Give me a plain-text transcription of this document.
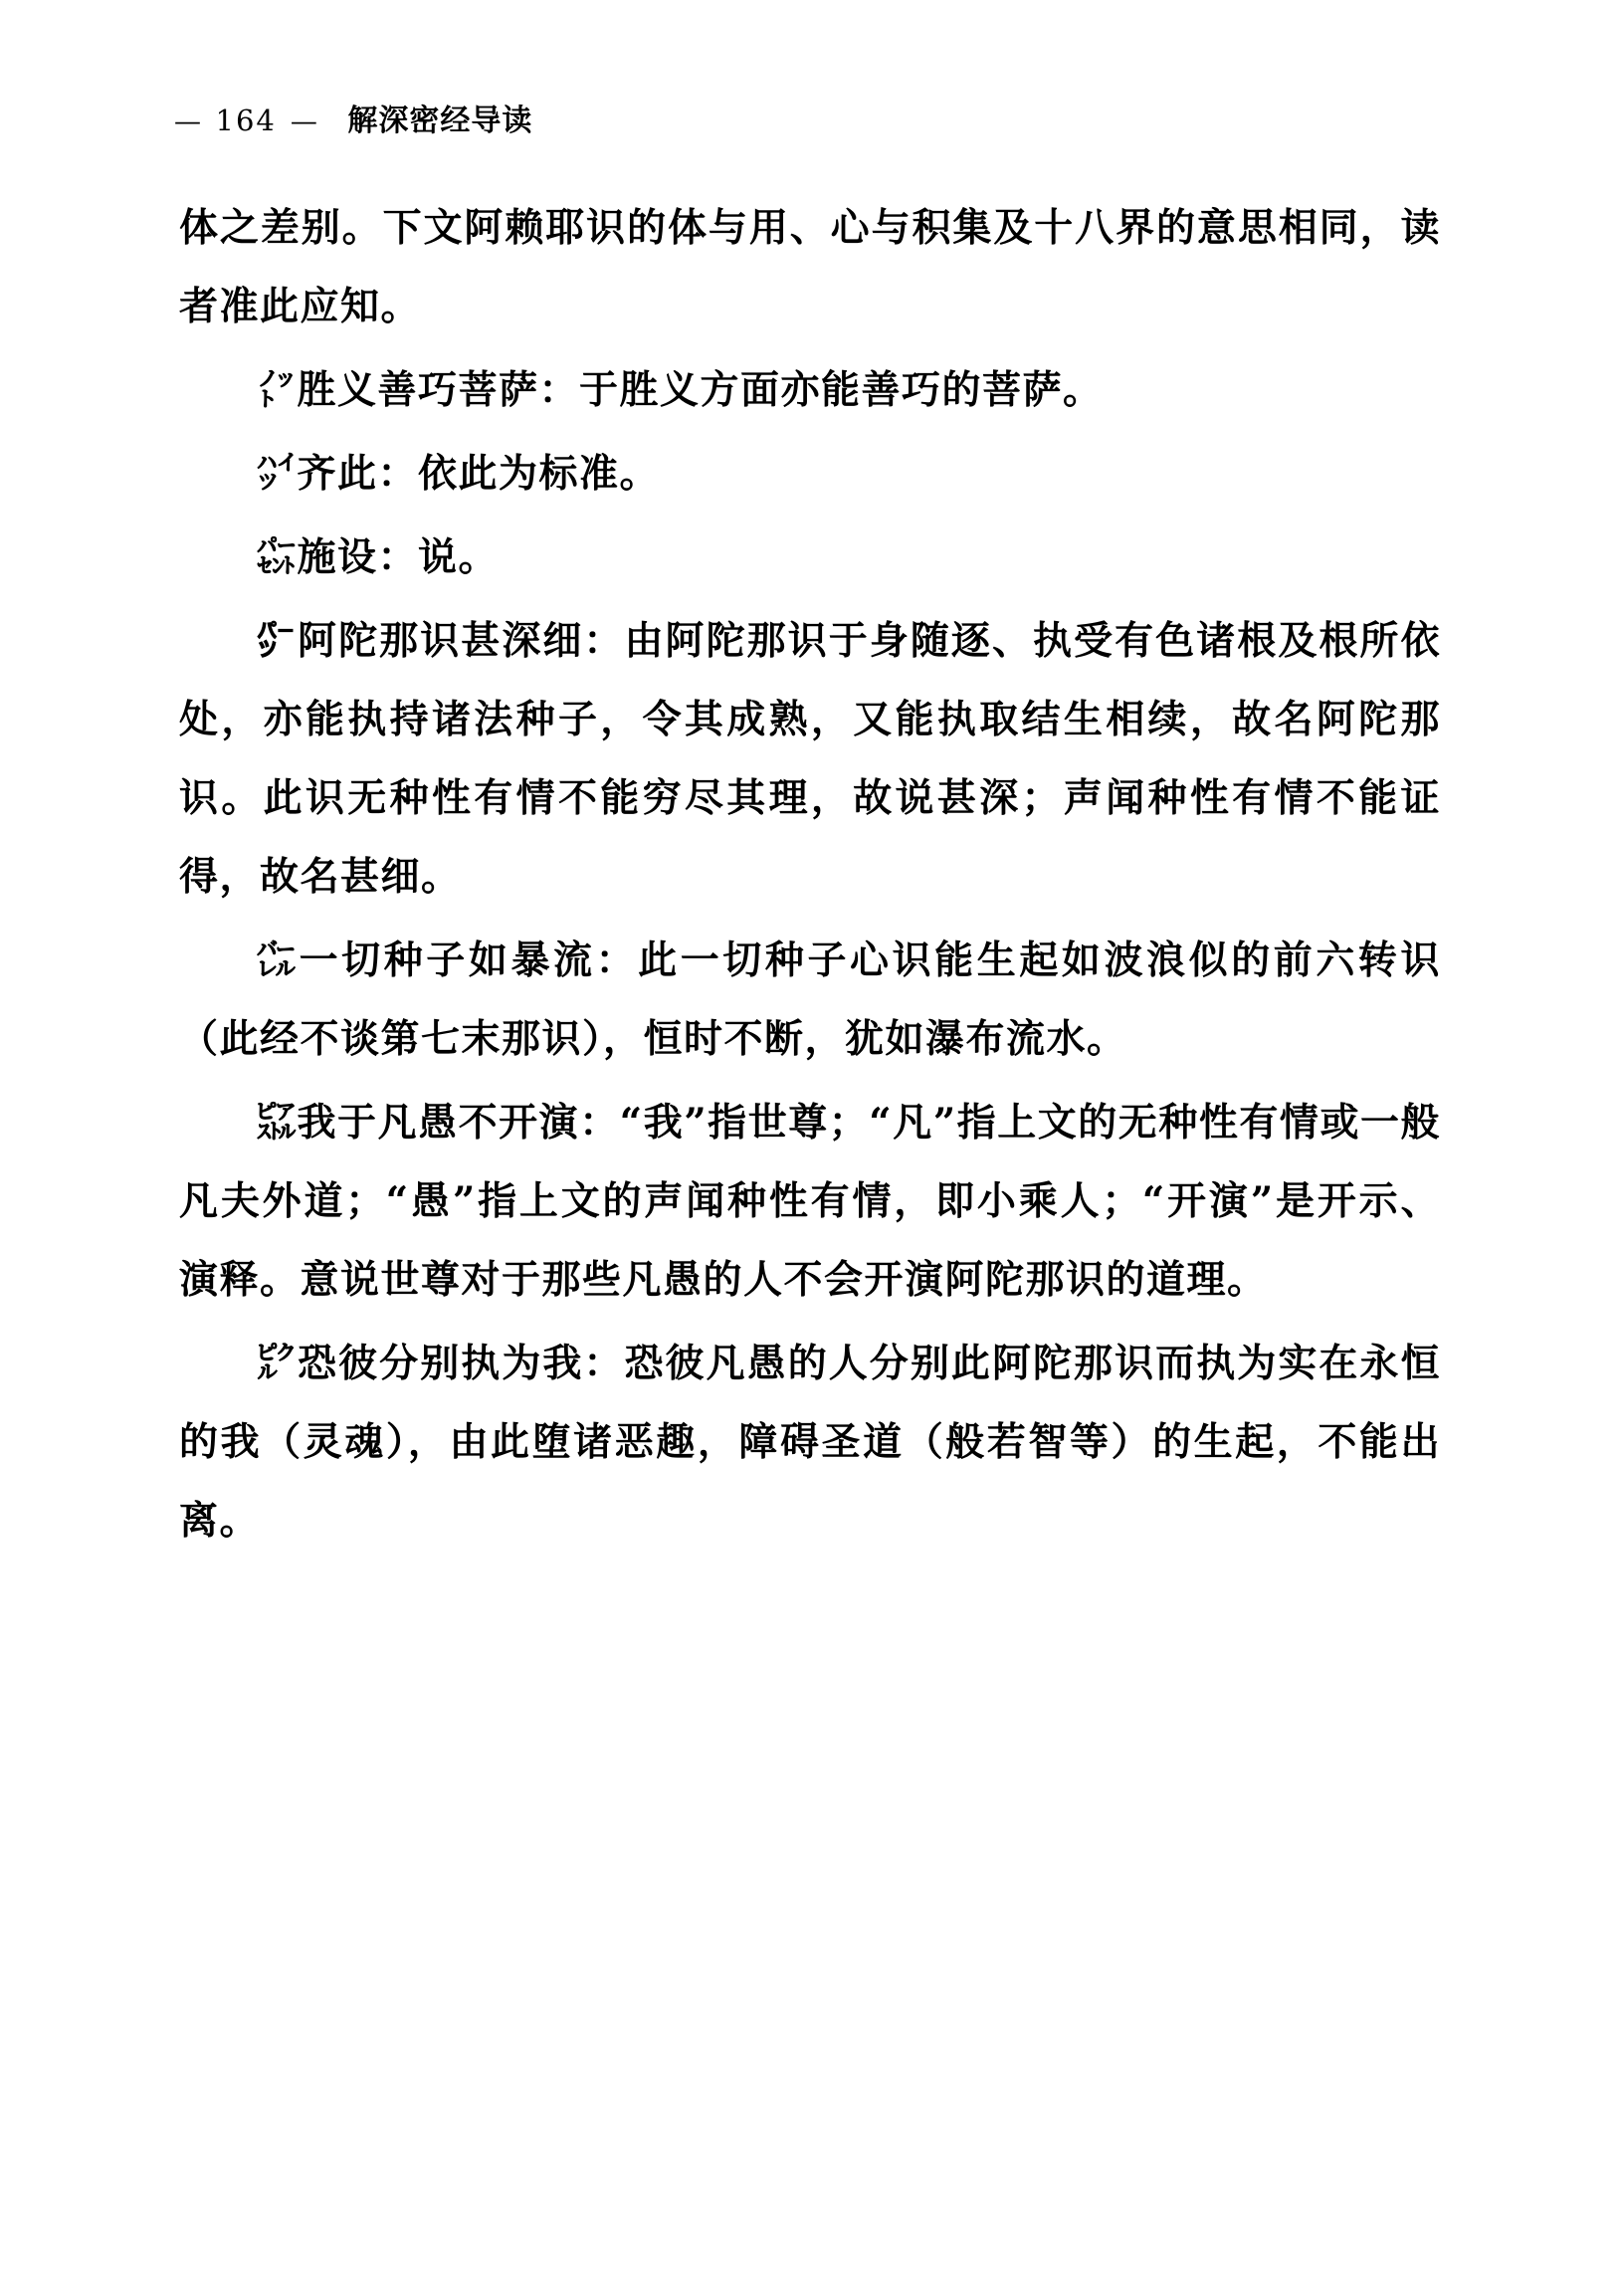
— 164 — 解深密经导读

体之差别。下文阿赖耶识的体与用、心与积集及十八界的意思相同，读者准此应知。

㌩胜义善巧菩萨：于胜义方面亦能善巧的菩萨。

㌪齐此：依此为标准。

㌫施设：说。

㌬阿陀那识甚深细：由阿陀那识于身随逐、执受有色诸根及根所依处，亦能执持诸法种子，令其成熟，又能执取结生相续，故名阿陀那识。此识无种性有情不能穷尽其理，故说甚深；声闻种性有情不能证得，故名甚细。

㌭一切种子如暴流：此一切种子心识能生起如波浪似的前六转识（此经不谈第七末那识），恒时不断，犹如瀑布流水。

㌮我于凡愚不开演：“我”指世尊；“凡”指上文的无种性有情或一般凡夫外道；“愚”指上文的声闻种性有情，即小乘人；“开演”是开示、演释。意说世尊对于那些凡愚的人不会开演阿陀那识的道理。

㌯恐彼分别执为我：恐彼凡愚的人分别此阿陀那识而执为实在永恒的我（灵魂），由此堕诸恶趣，障碍圣道（般若智等）的生起，不能出离。
